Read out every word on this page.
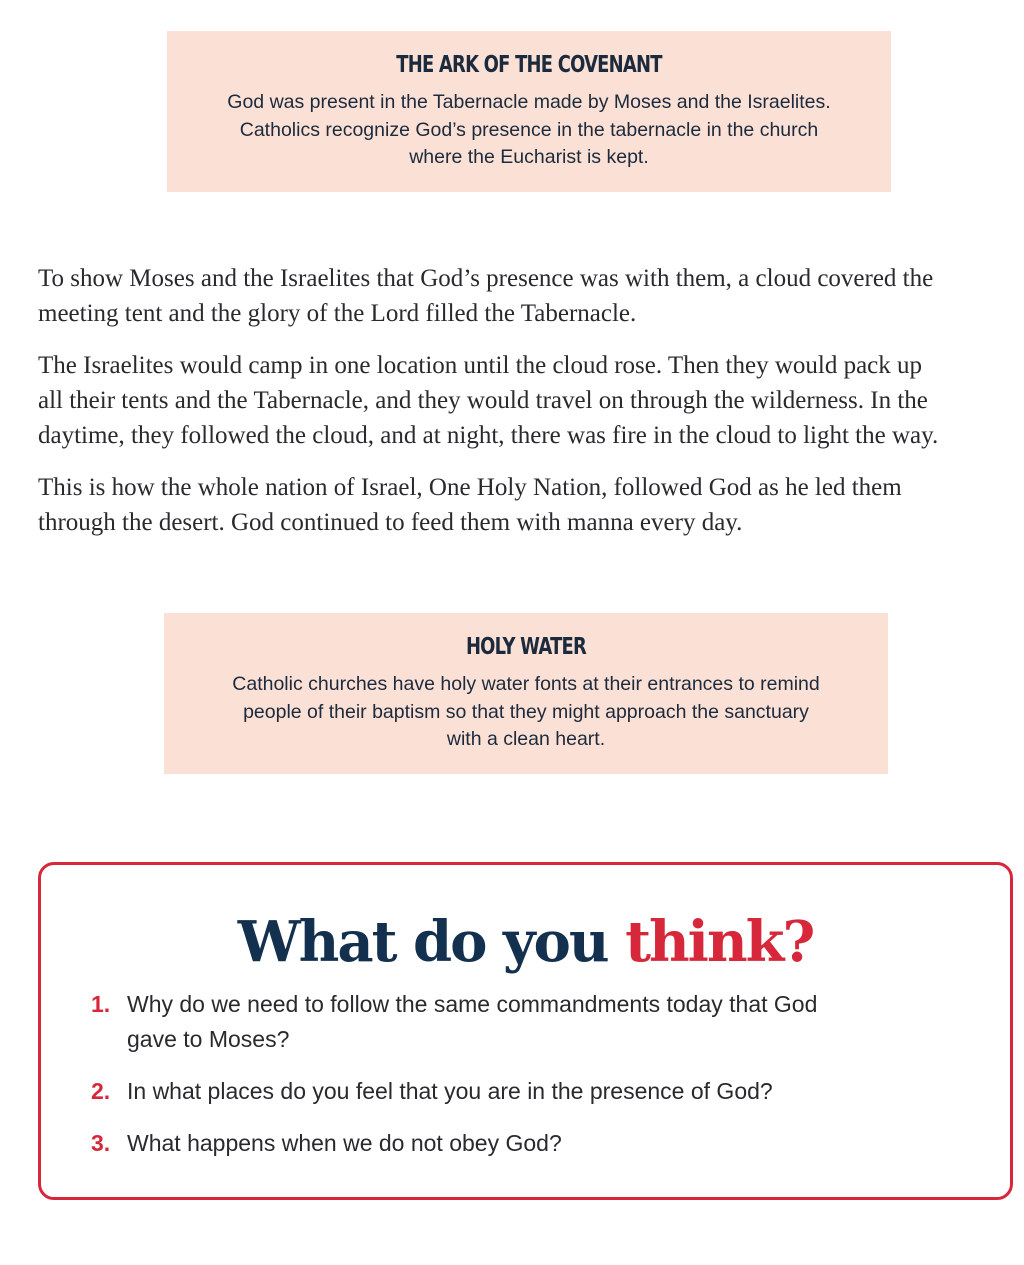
THE ARK OF THE COVENANT
God was present in the Tabernacle made by Moses and the Israelites.
Catholics recognize God’s presence in the tabernacle in the church
where the Eucharist is kept.
To show Moses and the Israelites that God’s presence was with them, a cloud covered the
meeting tent and the glory of the Lord filled the Tabernacle.
The Israelites would camp in one location until the cloud rose. Then they would pack up
all their tents and the Tabernacle, and they would travel on through the wilderness. In the
daytime, they followed the cloud, and at night, there was fire in the cloud to light the way.
This is how the whole nation of Israel, One Holy Nation, followed God as he led them
through the desert. God continued to feed them with manna every day.
HOLY WATER
Catholic churches have holy water fonts at their entrances to remind
people of their baptism so that they might approach the sanctuary
with a clean heart.
What do you think?
1. Why do we need to follow the same commandments today that God
gave to Moses?
2. In what places do you feel that you are in the presence of God?
3. What happens when we do not obey God?
